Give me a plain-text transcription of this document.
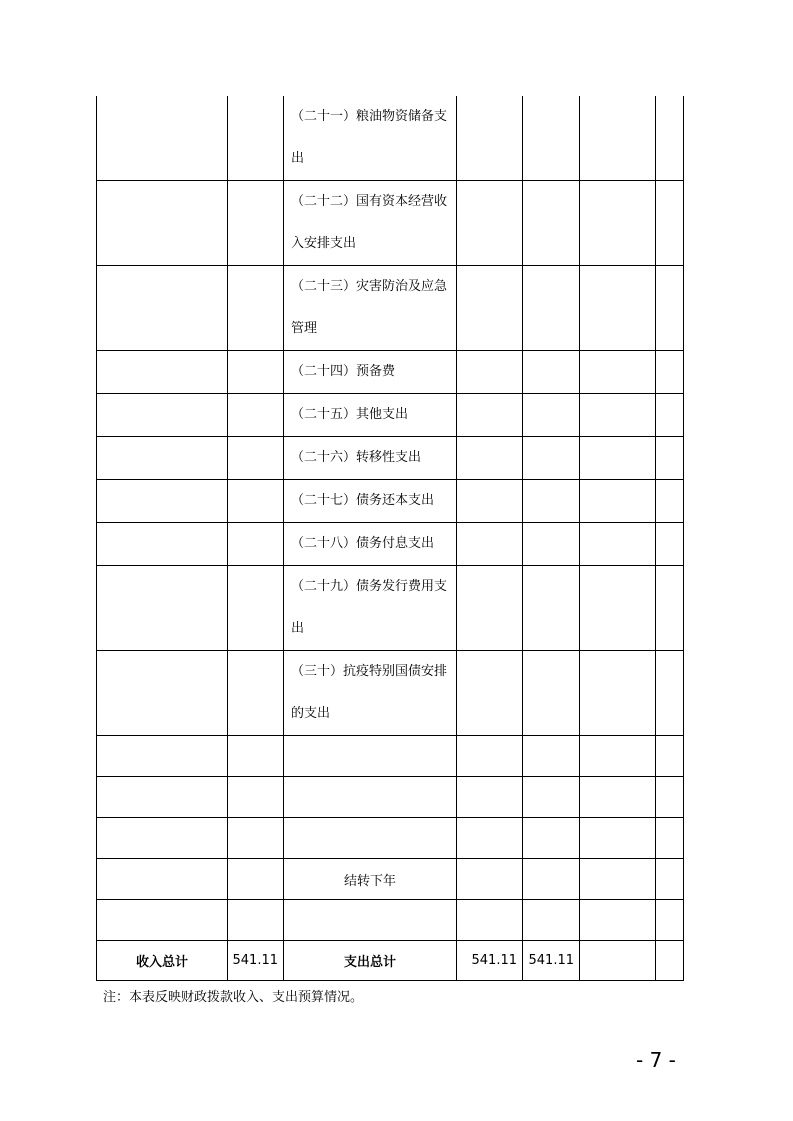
		（二十一）粮油物资储备支出				
		（二十二）国有资本经营收入安排支出				
		（二十三）灾害防治及应急管理				
		（二十四）预备费				
		（二十五）其他支出				
		（二十六）转移性支出				
		（二十七）债务还本支出				
		（二十八）债务付息支出				
		（二十九）债务发行费用支出				
		（三十）抗疫特别国债安排的支出				

		结转下年				

收入总计	541.11	支出总计	541.11	541.11		
注：本表反映财政拨款收入、支出预算情况。
- 7 -
